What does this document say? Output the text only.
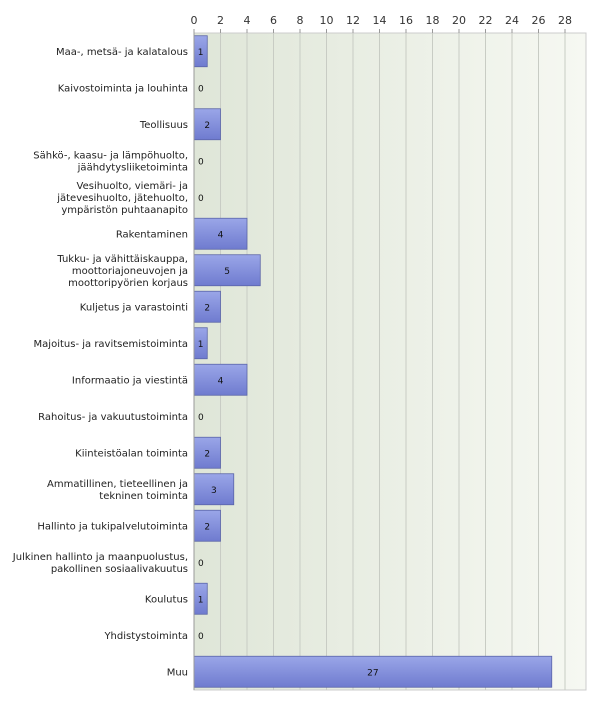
0 2 4 6 8 10 12 14 16 18 20 22 24 26 28
1
0
2
0
0
4
5
2
1
4
0
2
3
2
0
1
0
27
Maa-, metsä- ja kalatalous
Kaivostoiminta ja louhinta
Teollisuus
Sähkö-, kaasu- ja lämpöhuolto, jäähdytysliiketoiminta
Vesihuolto, viemäri- ja jätevesihuolto, jätehuolto, ympäristön puhtaanapito
Rakentaminen
Tukku- ja vähittäiskauppa, moottoriajoneuvojen ja moottoripyörien korjaus
Kuljetus ja varastointi
Majoitus- ja ravitsemistoiminta
Informaatio ja viestintä
Rahoitus- ja vakuutustoiminta
Kiinteistöalan toiminta
Ammatillinen, tieteellinen ja tekninen toiminta
Hallinto ja tukipalvelutoiminta
Julkinen hallinto ja maanpuolustus, pakollinen sosiaalivakuutus
Koulutus
Yhdistystoiminta
Muu
